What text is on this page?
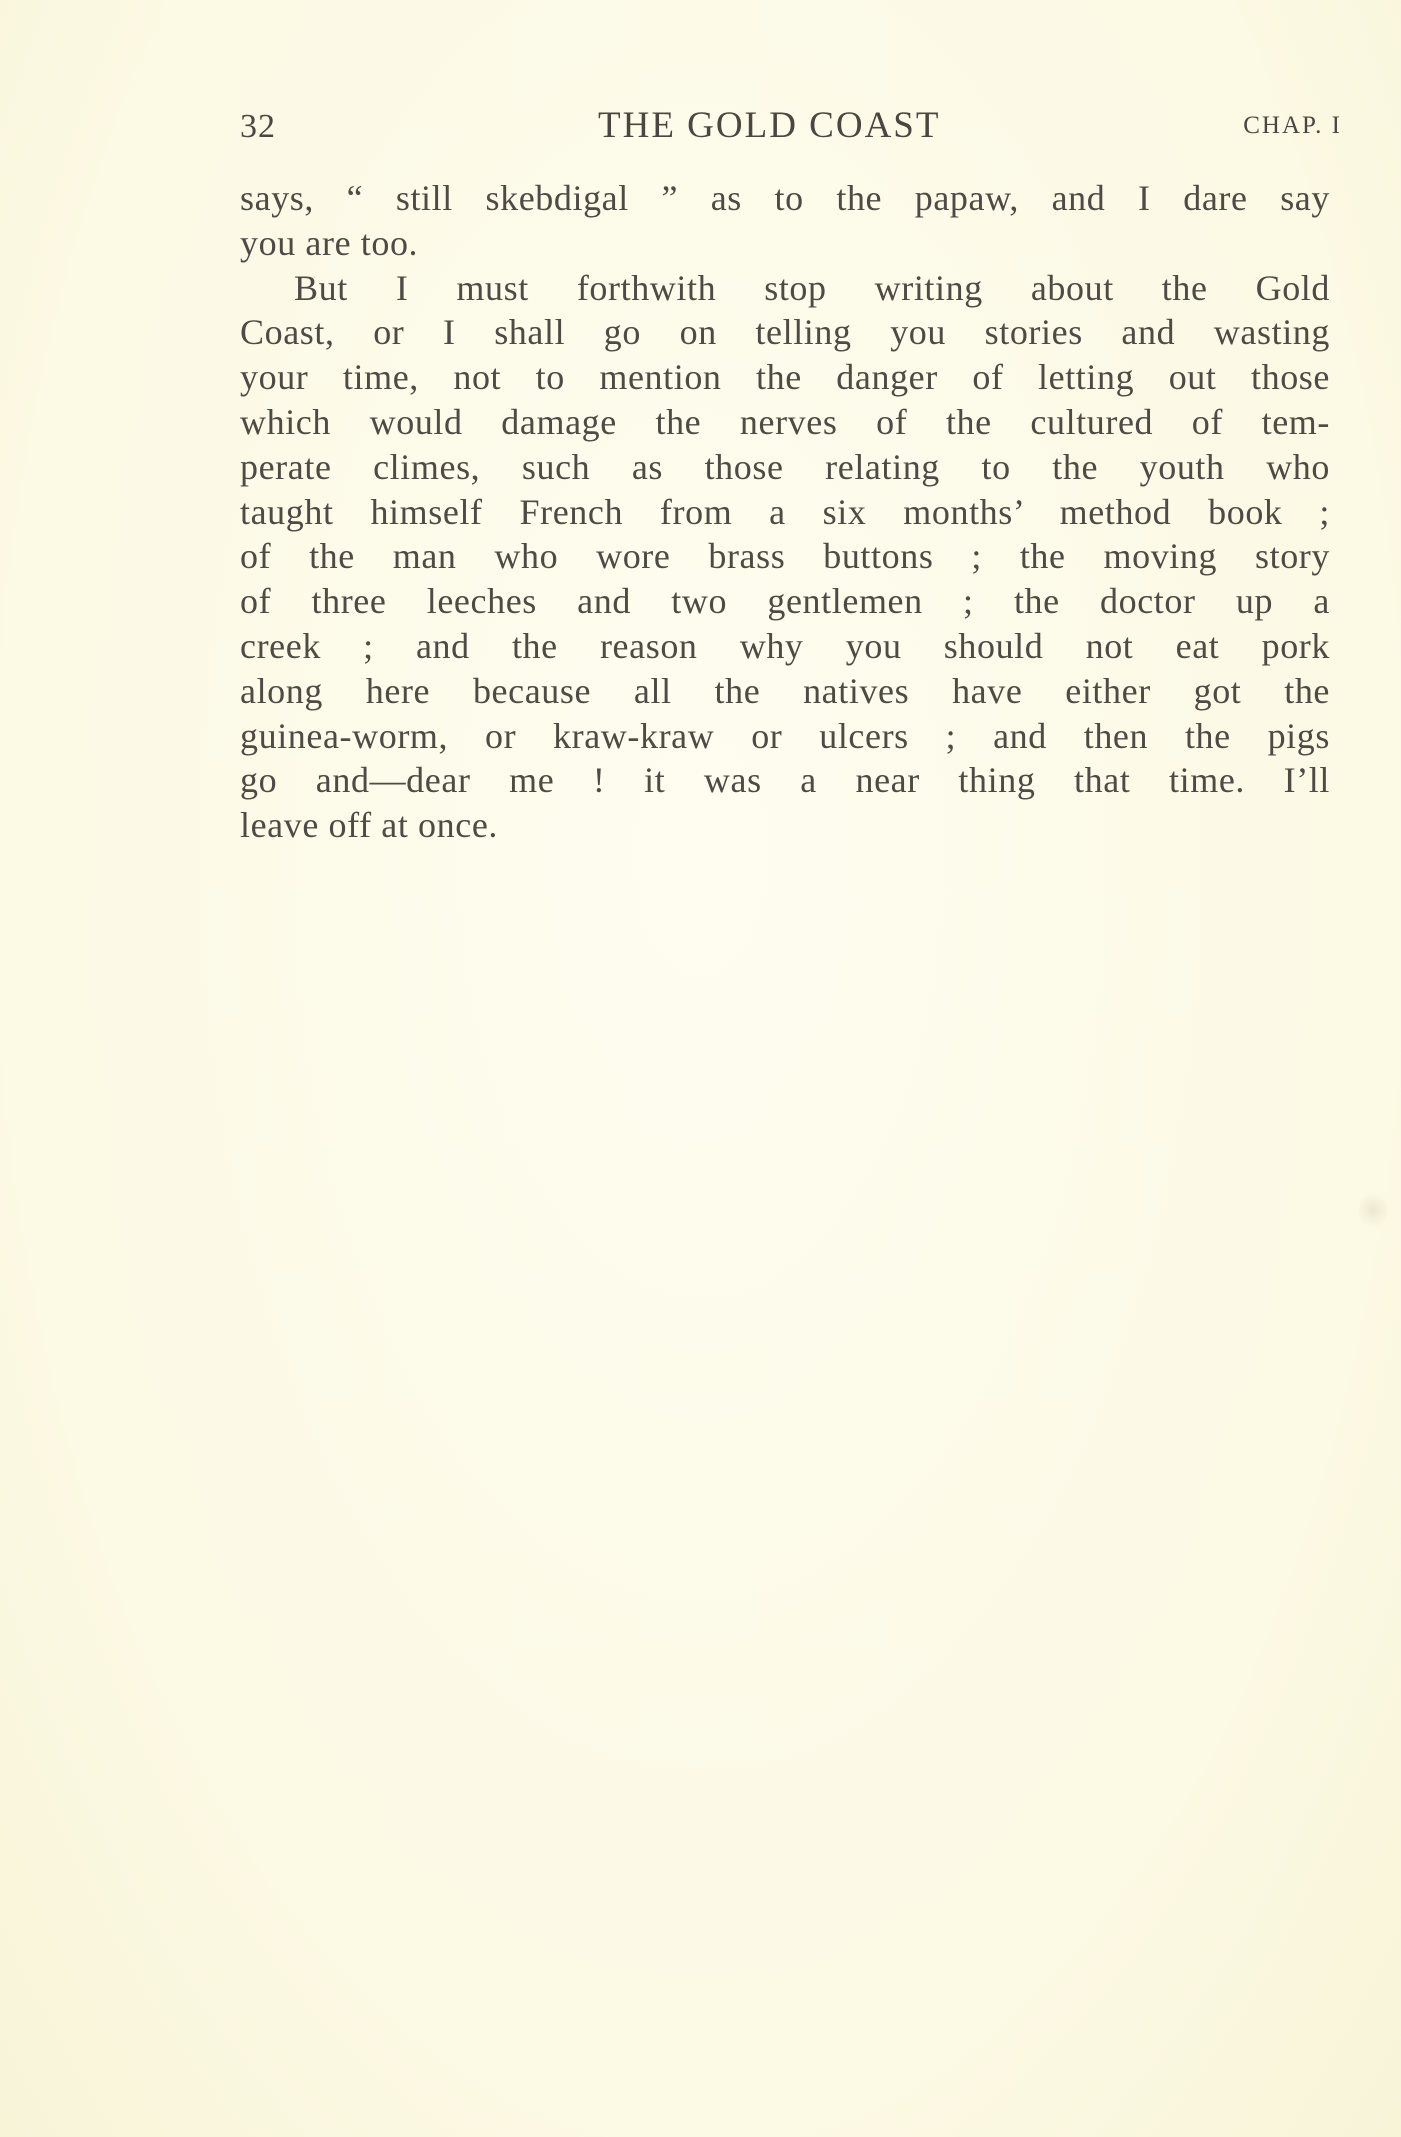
32	THE GOLD COAST	CHAP. I
says, “ still skebdigal ” as to the papaw, and I dare say
you are too.
But I must forthwith stop writing about the Gold
Coast, or I shall go on telling you stories and wasting
your time, not to mention the danger of letting out those
which would damage the nerves of the cultured of tem-
perate climes, such as those relating to the youth who
taught himself French from a six months’ method book ;
of the man who wore brass buttons ; the moving story
of three leeches and two gentlemen ; the doctor up a
creek ; and the reason why you should not eat pork
along here because all the natives have either got the
guinea-worm, or kraw-kraw or ulcers ; and then the pigs
go and—dear me ! it was a near thing that time. I’ll
leave off at once.
